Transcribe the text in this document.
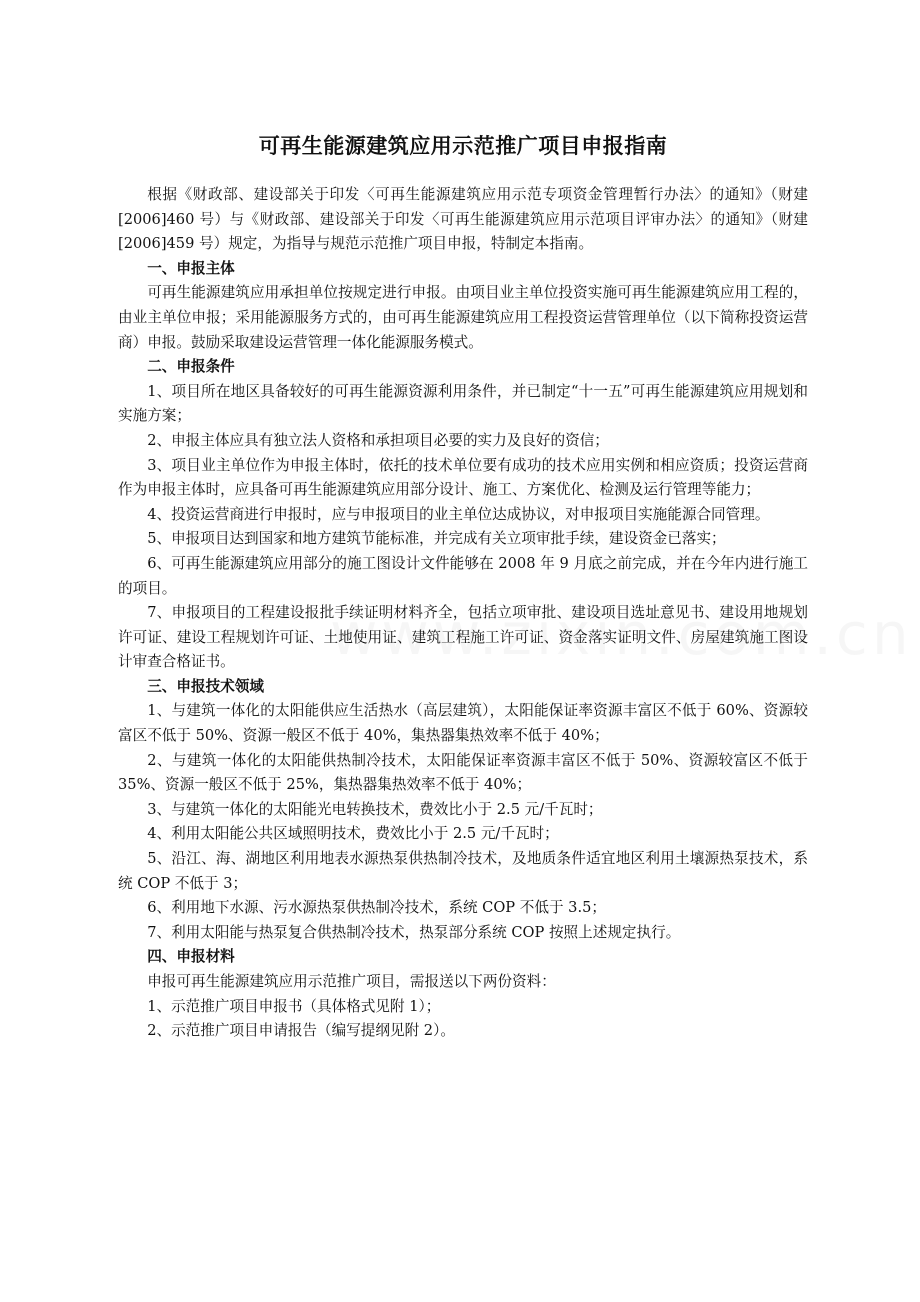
可再生能源建筑应用示范推广项目申报指南

根据《财政部、建设部关于印发〈可再生能源建筑应用示范专项资金管理暂行办法〉的通知》（财建[2006]460 号）与《财政部、建设部关于印发〈可再生能源建筑应用示范项目评审办法〉的通知》（财建[2006]459 号）规定，为指导与规范示范推广项目申报，特制定本指南。

一、申报主体

可再生能源建筑应用承担单位按规定进行申报。由项目业主单位投资实施可再生能源建筑应用工程的，由业主单位申报；采用能源服务方式的，由可再生能源建筑应用工程投资运营管理单位（以下简称投资运营商）申报。鼓励采取建设运营管理一体化能源服务模式。

二、申报条件

1、项目所在地区具备较好的可再生能源资源利用条件，并已制定“十一五”可再生能源建筑应用规划和实施方案；

2、申报主体应具有独立法人资格和承担项目必要的实力及良好的资信；

3、项目业主单位作为申报主体时，依托的技术单位要有成功的技术应用实例和相应资质；投资运营商作为申报主体时，应具备可再生能源建筑应用部分设计、施工、方案优化、检测及运行管理等能力；

4、投资运营商进行申报时，应与申报项目的业主单位达成协议，对申报项目实施能源合同管理。

5、申报项目达到国家和地方建筑节能标准，并完成有关立项审批手续，建设资金已落实；

6、可再生能源建筑应用部分的施工图设计文件能够在 2008 年 9 月底之前完成，并在今年内进行施工的项目。

7、申报项目的工程建设报批手续证明材料齐全，包括立项审批、建设项目选址意见书、建设用地规划许可证、建设工程规划许可证、土地使用证、建筑工程施工许可证、资金落实证明文件、房屋建筑施工图设计审查合格证书。

三、申报技术领域

1、与建筑一体化的太阳能供应生活热水（高层建筑），太阳能保证率资源丰富区不低于 60%、资源较富区不低于 50%、资源一般区不低于 40%，集热器集热效率不低于 40%；

2、与建筑一体化的太阳能供热制冷技术，太阳能保证率资源丰富区不低于 50%、资源较富区不低于 35%、资源一般区不低于 25%，集热器集热效率不低于 40%；

3、与建筑一体化的太阳能光电转换技术，费效比小于 2.5 元/千瓦时；

4、利用太阳能公共区域照明技术，费效比小于 2.5 元/千瓦时；

5、沿江、海、湖地区利用地表水源热泵供热制冷技术，及地质条件适宜地区利用土壤源热泵技术，系统 COP 不低于 3；

6、利用地下水源、污水源热泵供热制冷技术，系统 COP 不低于 3.5；

7、利用太阳能与热泵复合供热制冷技术，热泵部分系统 COP 按照上述规定执行。

四、申报材料

申报可再生能源建筑应用示范推广项目，需报送以下两份资料：

1、示范推广项目申报书（具体格式见附 1）；

2、示范推广项目申请报告（编写提纲见附 2）。
